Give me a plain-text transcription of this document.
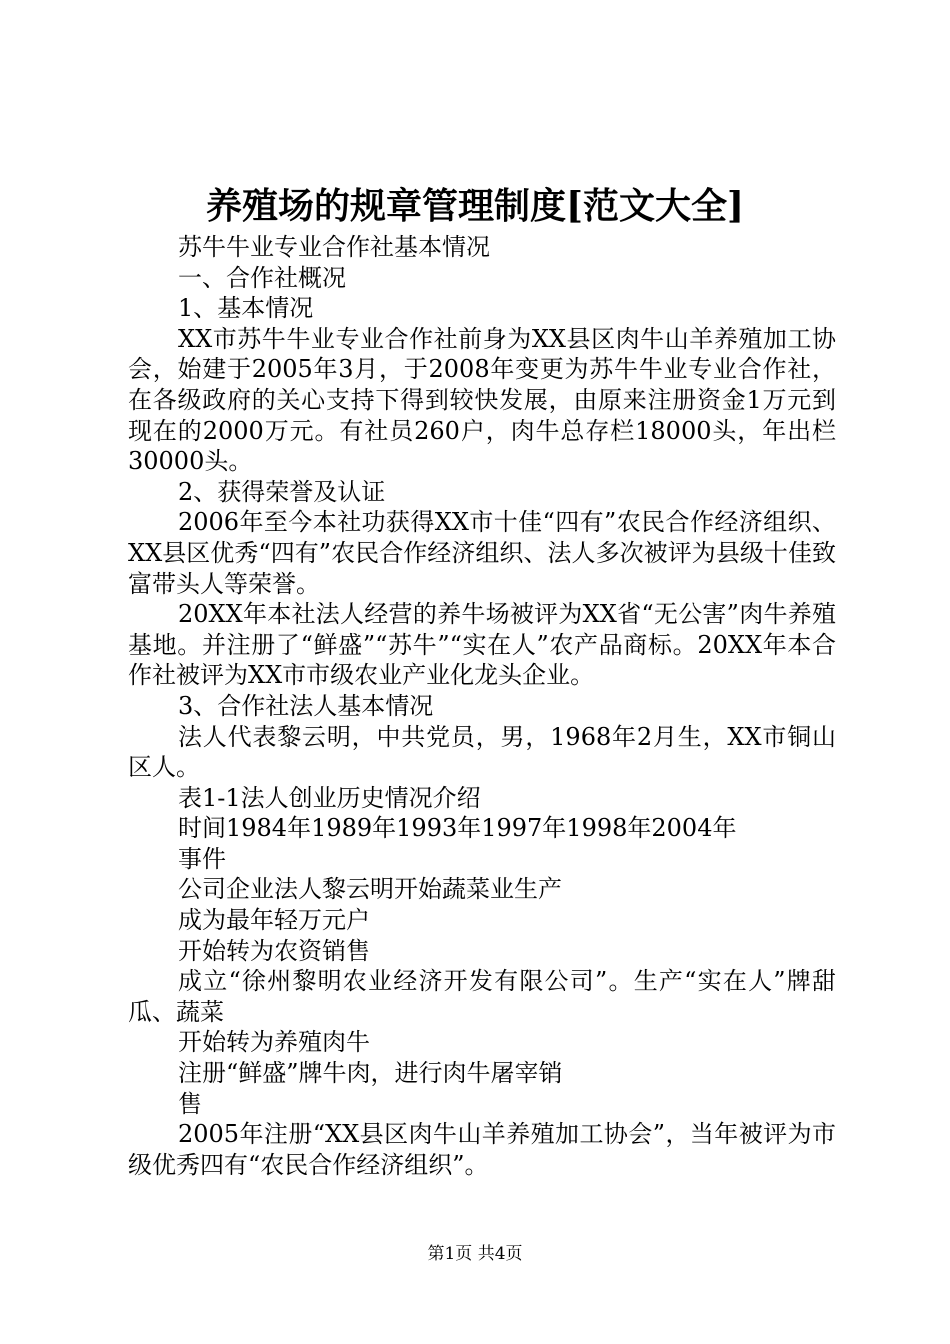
养殖场的规章管理制度[范文大全]

苏牛牛业专业合作社基本情况

一、合作社概况

1、基本情况

XX市苏牛牛业专业合作社前身为XX县区肉牛山羊养殖加工协会，始建于2005年3月，于2008年变更为苏牛牛业专业合作社，在各级政府的关心支持下得到较快发展，由原来注册资金1万元到现在的2000万元。有社员260户，肉牛总存栏18000头，年出栏30000头。

2、获得荣誉及认证

2006年至今本社功获得XX市十佳“四有”农民合作经济组织、XX县区优秀“四有”农民合作经济组织、法人多次被评为县级十佳致富带头人等荣誉。

20XX年本社法人经营的养牛场被评为XX省“无公害”肉牛养殖基地。并注册了“鲜盛”“苏牛”“实在人”农产品商标。20XX年本合作社被评为XX市市级农业产业化龙头企业。

3、合作社法人基本情况

法人代表黎云明，中共党员，男，1968年2月生，XX市铜山区人。

表1-1法人创业历史情况介绍

时间1984年1989年1993年1997年1998年2004年

事件

公司企业法人黎云明开始蔬菜业生产

成为最年轻万元户

开始转为农资销售

成立“徐州黎明农业经济开发有限公司”。生产“实在人”牌甜瓜、蔬菜

开始转为养殖肉牛

注册“鲜盛”牌牛肉，进行肉牛屠宰销

售

2005年注册“XX县区肉牛山羊养殖加工协会”，当年被评为市级优秀四有“农民合作经济组织”。

第1页 共4页
